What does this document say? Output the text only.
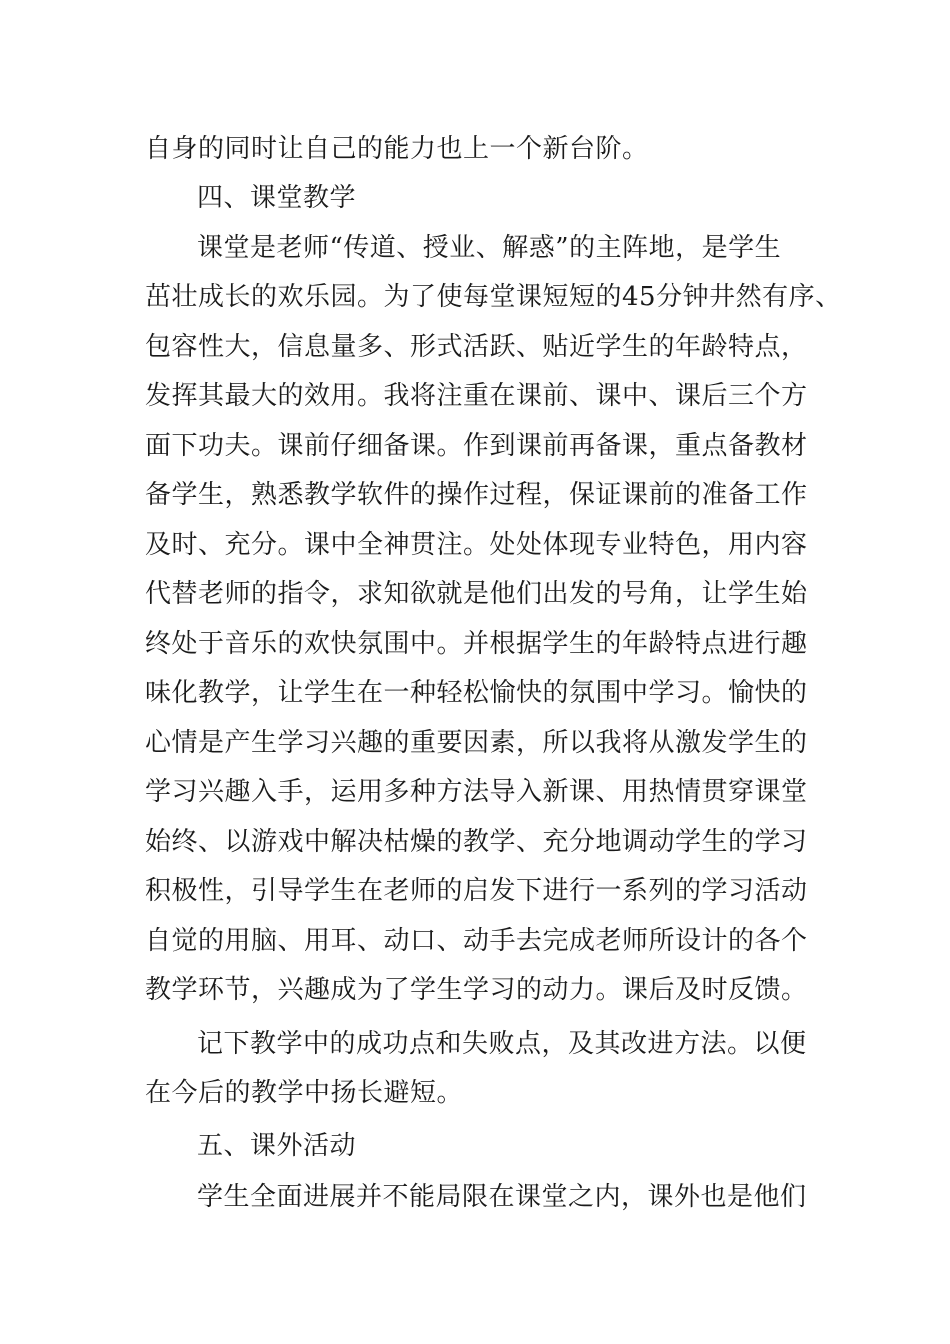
自身的同时让自己的能力也上一个新台阶。
四、课堂教学
课堂是老师“传道、授业、解惑”的主阵地，是学生
茁壮成长的欢乐园。为了使每堂课短短的45分钟井然有序、
包容性大，信息量多、形式活跃、贴近学生的年龄特点，
发挥其最大的效用。我将注重在课前、课中、课后三个方
面下功夫。课前仔细备课。作到课前再备课，重点备教材
备学生，熟悉教学软件的操作过程，保证课前的准备工作
及时、充分。课中全神贯注。处处体现专业特色，用内容
代替老师的指令，求知欲就是他们出发的号角，让学生始
终处于音乐的欢快氛围中。并根据学生的年龄特点进行趣
味化教学，让学生在一种轻松愉快的氛围中学习。愉快的
心情是产生学习兴趣的重要因素，所以我将从激发学生的
学习兴趣入手，运用多种方法导入新课、用热情贯穿课堂
始终、以游戏中解决枯燥的教学、充分地调动学生的学习
积极性，引导学生在老师的启发下进行一系列的学习活动
自觉的用脑、用耳、动口、动手去完成老师所设计的各个
教学环节，兴趣成为了学生学习的动力。课后及时反馈。
记下教学中的成功点和失败点，及其改进方法。以便
在今后的教学中扬长避短。
五、课外活动
学生全面进展并不能局限在课堂之内，课外也是他们
